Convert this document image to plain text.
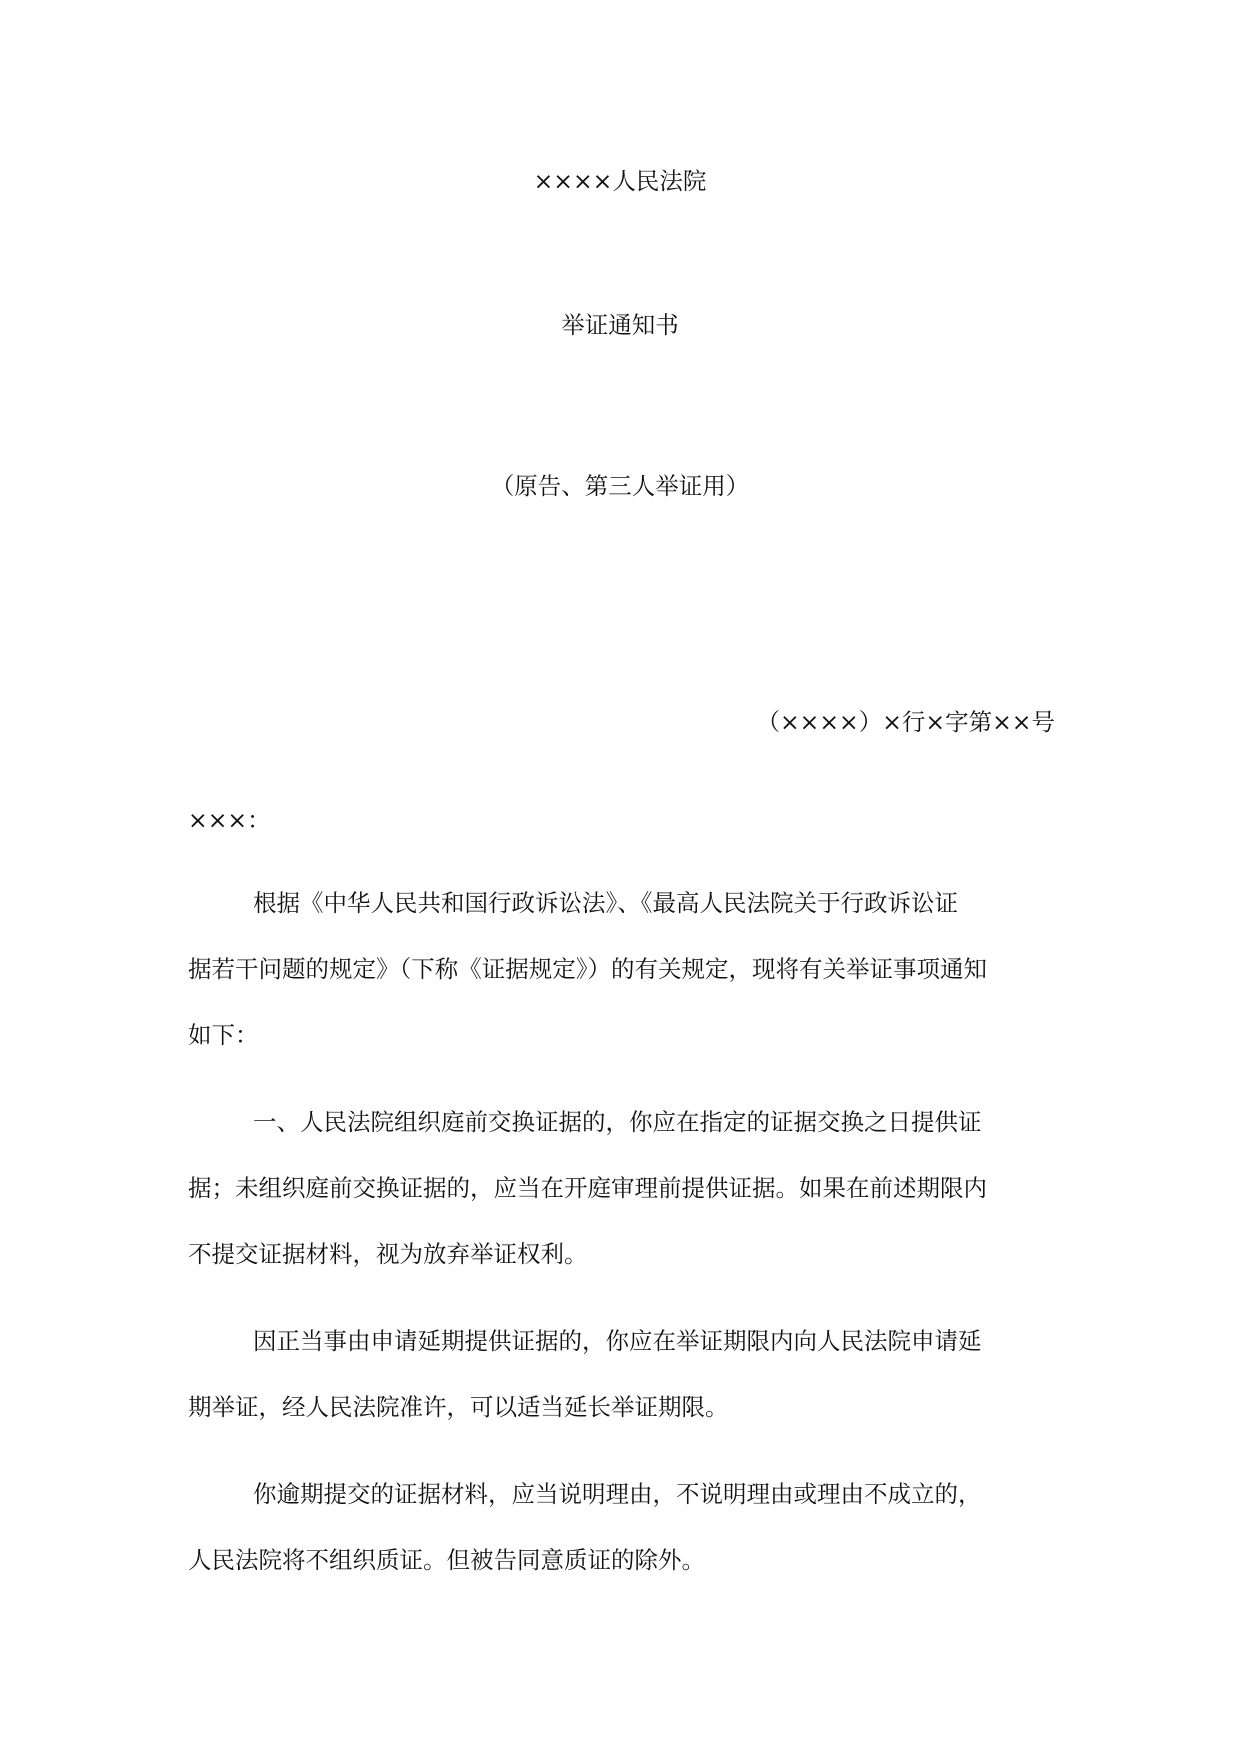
××××人民法院

举证通知书

（原告、第三人举证用）

（××××）×行×字第××号

×××：

根据《中华人民共和国行政诉讼法》、《最高人民法院关于行政诉讼证

据若干问题的规定》（下称《证据规定》）的有关规定，现将有关举证事项通知

如下：

一、人民法院组织庭前交换证据的，你应在指定的证据交换之日提供证

据；未组织庭前交换证据的，应当在开庭审理前提供证据。如果在前述期限内

不提交证据材料，视为放弃举证权利。

因正当事由申请延期提供证据的，你应在举证期限内向人民法院申请延

期举证，经人民法院准许，可以适当延长举证期限。

你逾期提交的证据材料，应当说明理由，不说明理由或理由不成立的，

人民法院将不组织质证。但被告同意质证的除外。
